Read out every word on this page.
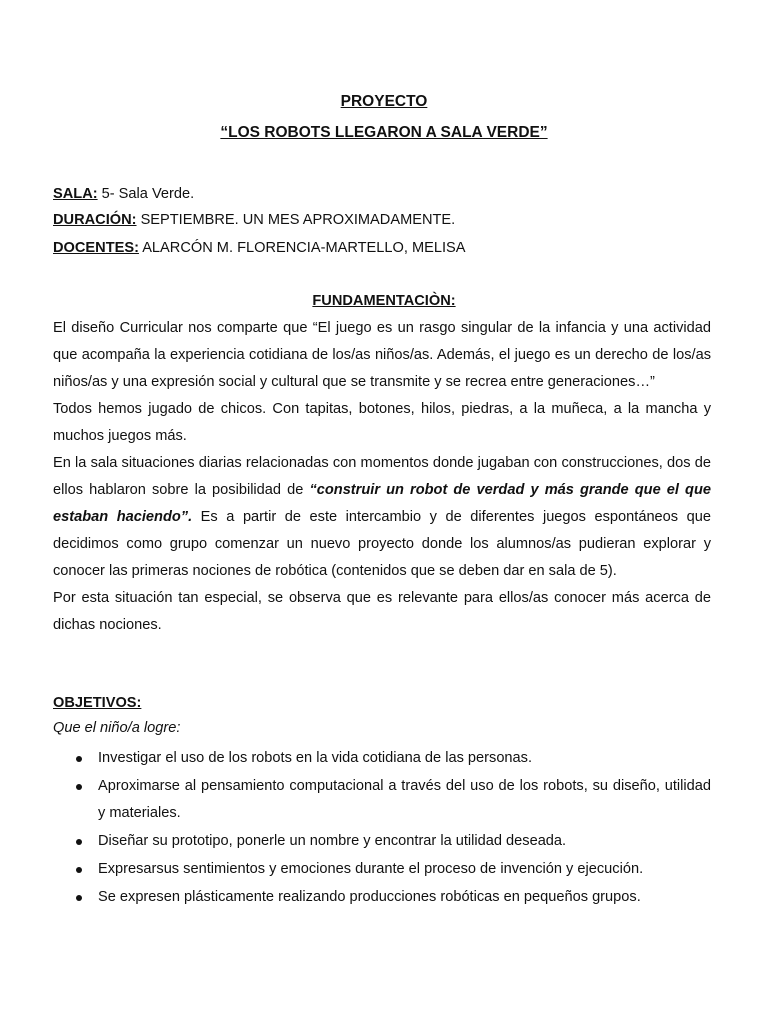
PROYECTO

“LOS ROBOTS LLEGARON A SALA VERDE”

SALA: 5- Sala Verde.

DURACIÓN: SEPTIEMBRE. UN MES APROXIMADAMENTE.

DOCENTES: ALARCÓN M. FLORENCIA-MARTELLO, MELISA

FUNDAMENTACIÒN:

El diseño Curricular nos comparte que “El juego es un rasgo singular de la infancia y una actividad que acompaña la experiencia cotidiana de los/as niños/as. Además, el juego es un derecho de los/as niños/as y una expresión social y cultural que se transmite y se recrea entre generaciones…”
Todos hemos jugado de chicos. Con tapitas, botones, hilos, piedras, a la muñeca, a la mancha y muchos juegos más.
En la sala situaciones diarias relacionadas con momentos donde jugaban con construcciones, dos de ellos hablaron sobre la posibilidad de “construir un robot de verdad y más grande que el que estaban haciendo”. Es a partir de este intercambio y de diferentes juegos espontáneos que decidimos como grupo comenzar un nuevo proyecto donde los alumnos/as pudieran explorar y conocer las primeras nociones de robótica (contenidos que se deben dar en sala de 5).
Por esta situación tan especial, se observa que es relevante para ellos/as conocer más acerca de dichas nociones.

OBJETIVOS:

Que el niño/a logre:

Investigar el uso de los robots en la vida cotidiana de las personas.
Aproximarse al pensamiento computacional a través del uso de los robots, su diseño, utilidad y materiales.
Diseñar su prototipo, ponerle un nombre y encontrar la utilidad deseada.
Expresarsus sentimientos y emociones durante el proceso de invención y ejecución.
Se expresen plásticamente realizando producciones robóticas en pequeños grupos.
